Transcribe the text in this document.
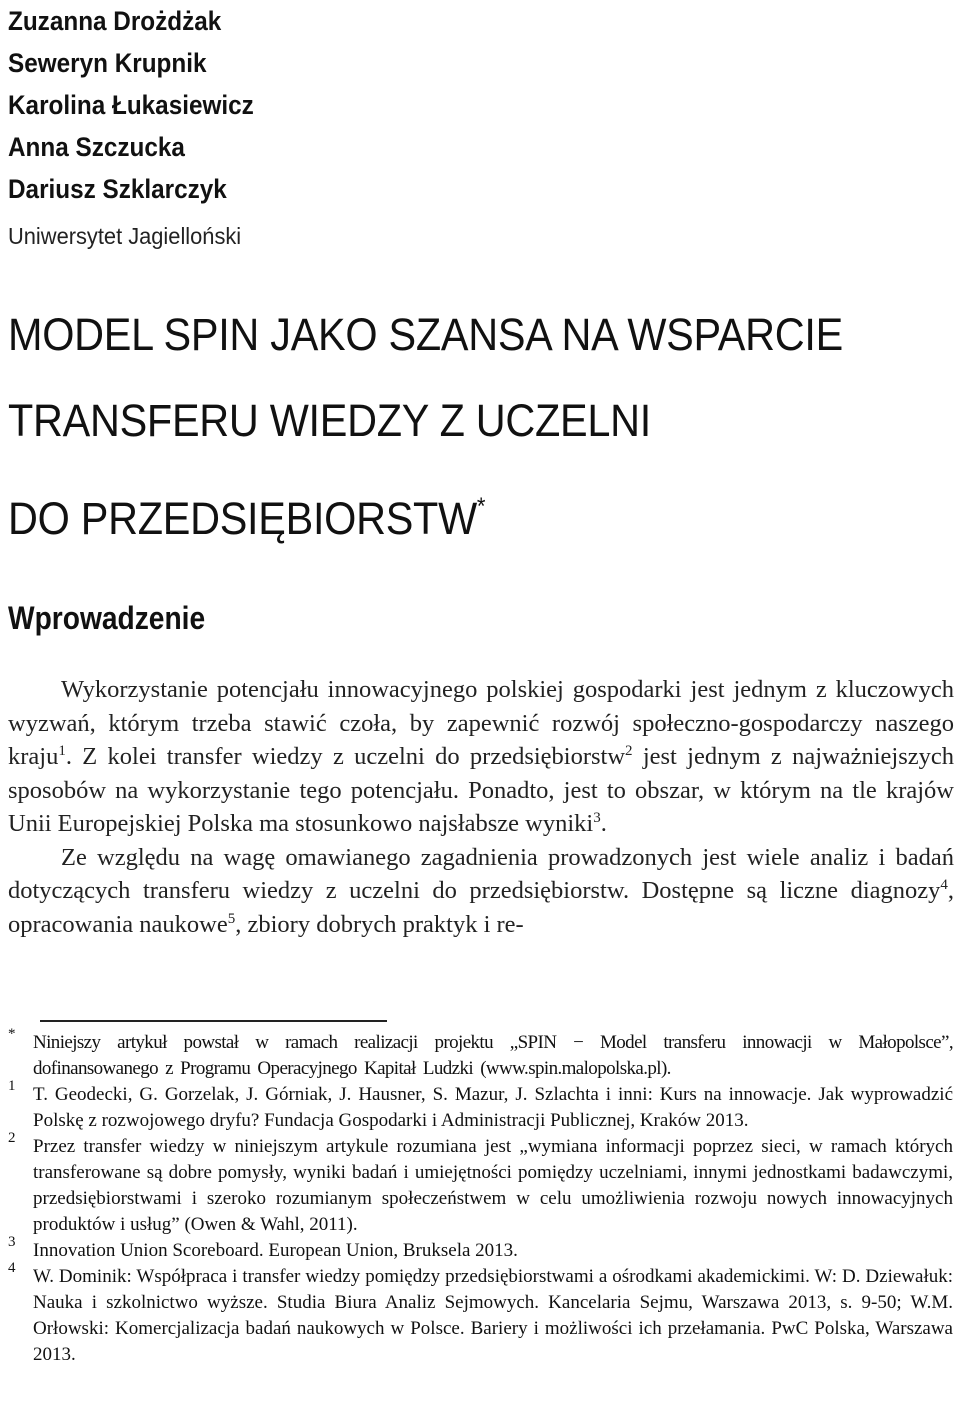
Zuzanna Drożdżak
Seweryn Krupnik
Karolina Łukasiewicz
Anna Szczucka
Dariusz Szklarczyk
Uniwersytet Jagielloński
MODEL SPIN JAKO SZANSA NA WSPARCIE
TRANSFERU WIEDZY Z UCZELNI
DO PRZEDSIĘBIORSTW*
Wprowadzenie

Wykorzystanie potencjału innowacyjnego polskiej gospodarki jest jednym z kluczowych wyzwań, którym trzeba stawić czoła, by zapewnić rozwój społeczno-gospodarczy naszego kraju$^1$. Z kolei transfer wiedzy z uczelni do przedsiębiorstw$^2$ jest jednym z najważniejszych sposobów na wykorzystanie tego potencjału. Ponadto, jest to obszar, w którym na tle krajów Unii Europejskiej Polska ma stosunkowo najsłabsze wyniki$^3$.

Ze względu na wagę omawianego zagadnienia prowadzonych jest wiele analiz i badań dotyczących transferu wiedzy z uczelni do przedsiębiorstw. Dostępne są liczne diagnozy$^4$, opracowania naukowe$^5$, zbiory dobrych praktyk i re-

* Niniejszy artykuł powstał w ramach realizacji projektu „SPIN − Model transferu innowacji w Małopolsce”, dofinansowanego z Programu Operacyjnego Kapitał Ludzki (www.spin.malopolska.pl).
1 T. Geodecki, G. Gorzelak, J. Górniak, J. Hausner, S. Mazur, J. Szlachta i inni: Kurs na innowacje. Jak wyprowadzić Polskę z rozwojowego dryfu? Fundacja Gospodarki i Administracji Publicznej, Kraków 2013.
2 Przez transfer wiedzy w niniejszym artykule rozumiana jest „wymiana informacji poprzez sieci, w ramach których transferowane są dobre pomysły, wyniki badań i umiejętności pomiędzy uczelniami, innymi jednostkami badawczymi, przedsiębiorstwami i szeroko rozumianym społeczeństwem w celu umożliwienia rozwoju nowych innowacyjnych produktów i usług” (Owen & Wahl, 2011).
3 Innovation Union Scoreboard. European Union, Bruksela 2013.
4 W. Dominik: Współpraca i transfer wiedzy pomiędzy przedsiębiorstwami a ośrodkami akademickimi. W: D. Dziewałuk: Nauka i szkolnictwo wyższe. Studia Biura Analiz Sejmowych. Kancelaria Sejmu, Warszawa 2013, s. 9-50; W.M. Orłowski: Komercjalizacja badań naukowych w Polsce. Bariery i możliwości ich przełamania. PwC Polska, Warszawa 2013.
